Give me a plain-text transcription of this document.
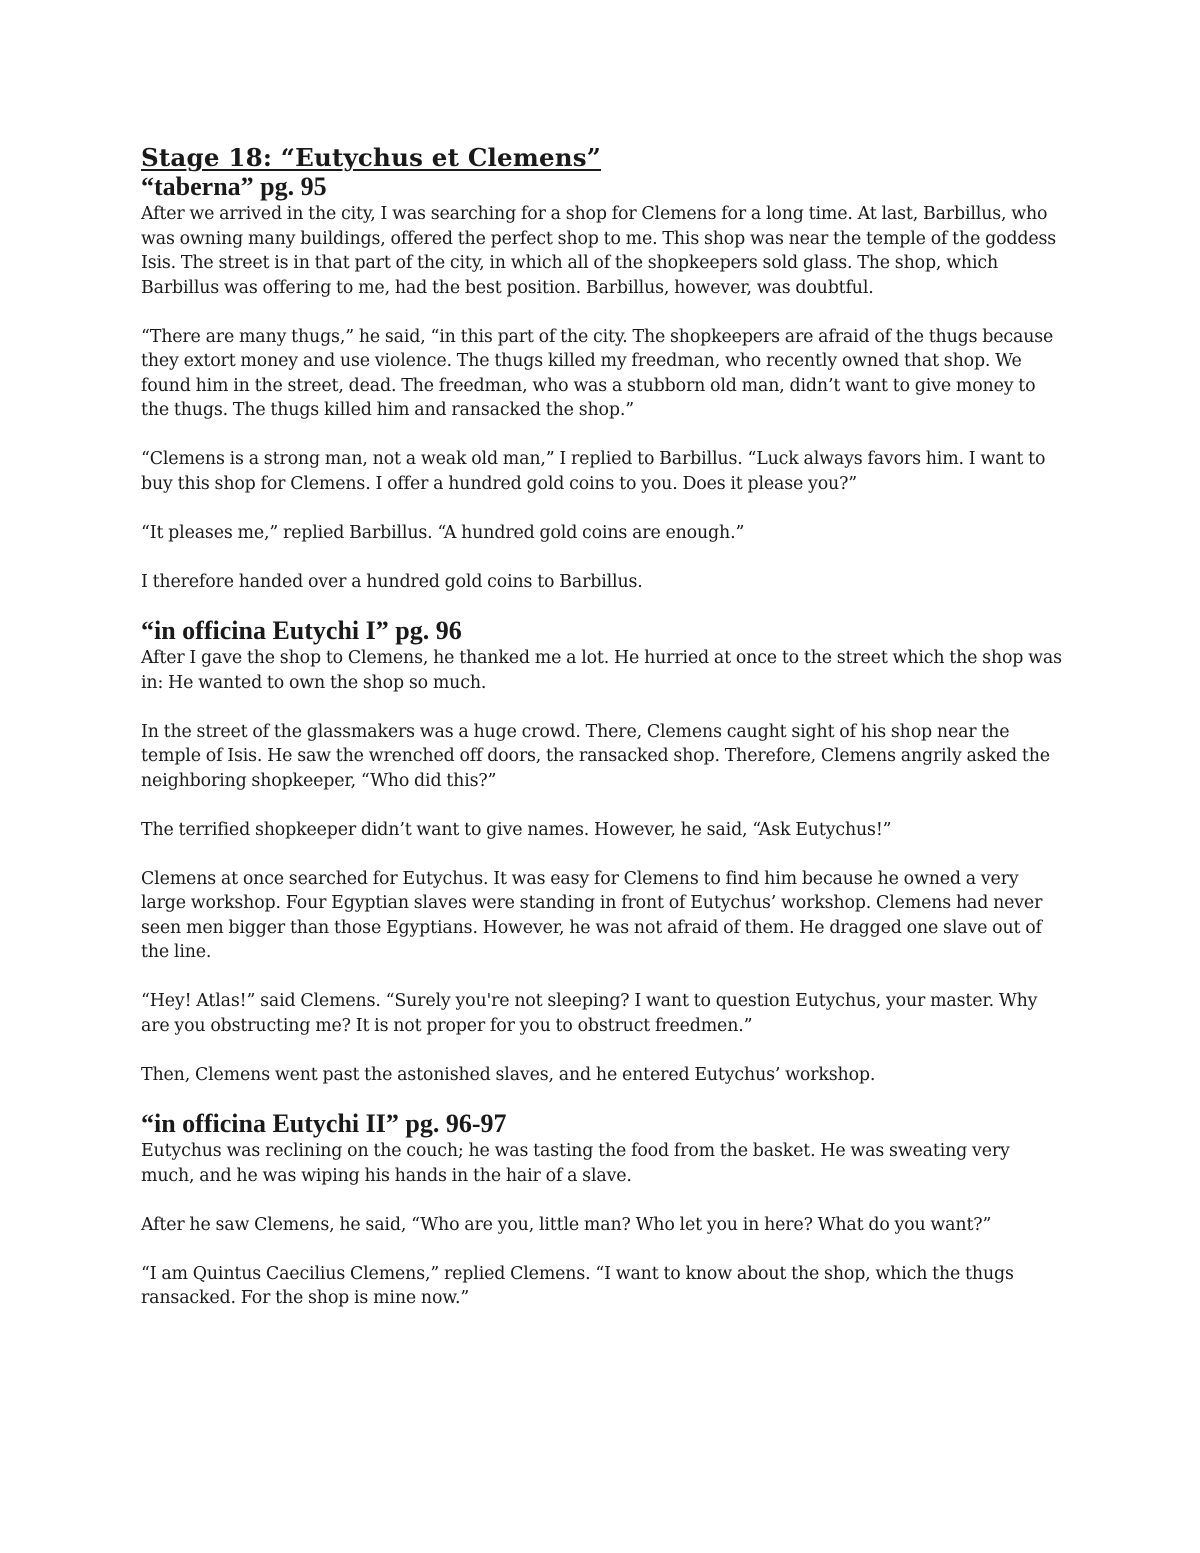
Stage 18: “Eutychus et Clemens”
“taberna” pg. 95

After we arrived in the city, I was searching for a shop for Clemens for a long time. At last, Barbillus, who was owning many buildings, offered the perfect shop to me. This shop was near the temple of the goddess Isis. The street is in that part of the city, in which all of the shopkeepers sold glass. The shop, which Barbillus was offering to me, had the best position. Barbillus, however, was doubtful.

“There are many thugs,” he said, “in this part of the city. The shopkeepers are afraid of the thugs because they extort money and use violence. The thugs killed my freedman, who recently owned that shop. We found him in the street, dead. The freedman, who was a stubborn old man, didn’t want to give money to the thugs. The thugs killed him and ransacked the shop.”

“Clemens is a strong man, not a weak old man,” I replied to Barbillus. “Luck always favors him. I want to buy this shop for Clemens. I offer a hundred gold coins to you. Does it please you?”

“It pleases me,” replied Barbillus. “A hundred gold coins are enough.”

I therefore handed over a hundred gold coins to Barbillus.

“in officina Eutychi I” pg. 96

After I gave the shop to Clemens, he thanked me a lot. He hurried at once to the street which the shop was in: He wanted to own the shop so much.

In the street of the glassmakers was a huge crowd. There, Clemens caught sight of his shop near the temple of Isis. He saw the wrenched off doors, the ransacked shop. Therefore, Clemens angrily asked the neighboring shopkeeper, “Who did this?”

The terrified shopkeeper didn’t want to give names. However, he said, “Ask Eutychus!”

Clemens at once searched for Eutychus. It was easy for Clemens to find him because he owned a very large workshop. Four Egyptian slaves were standing in front of Eutychus’ workshop. Clemens had never seen men bigger than those Egyptians. However, he was not afraid of them. He dragged one slave out of the line.

“Hey! Atlas!” said Clemens. “Surely you're not sleeping? I want to question Eutychus, your master. Why are you obstructing me? It is not proper for you to obstruct freedmen.”

Then, Clemens went past the astonished slaves, and he entered Eutychus’ workshop.

“in officina Eutychi II” pg. 96-97

Eutychus was reclining on the couch; he was tasting the food from the basket. He was sweating very much, and he was wiping his hands in the hair of a slave.

After he saw Clemens, he said, “Who are you, little man? Who let you in here? What do you want?”

“I am Quintus Caecilius Clemens,” replied Clemens. “I want to know about the shop, which the thugs ransacked. For the shop is mine now.”
